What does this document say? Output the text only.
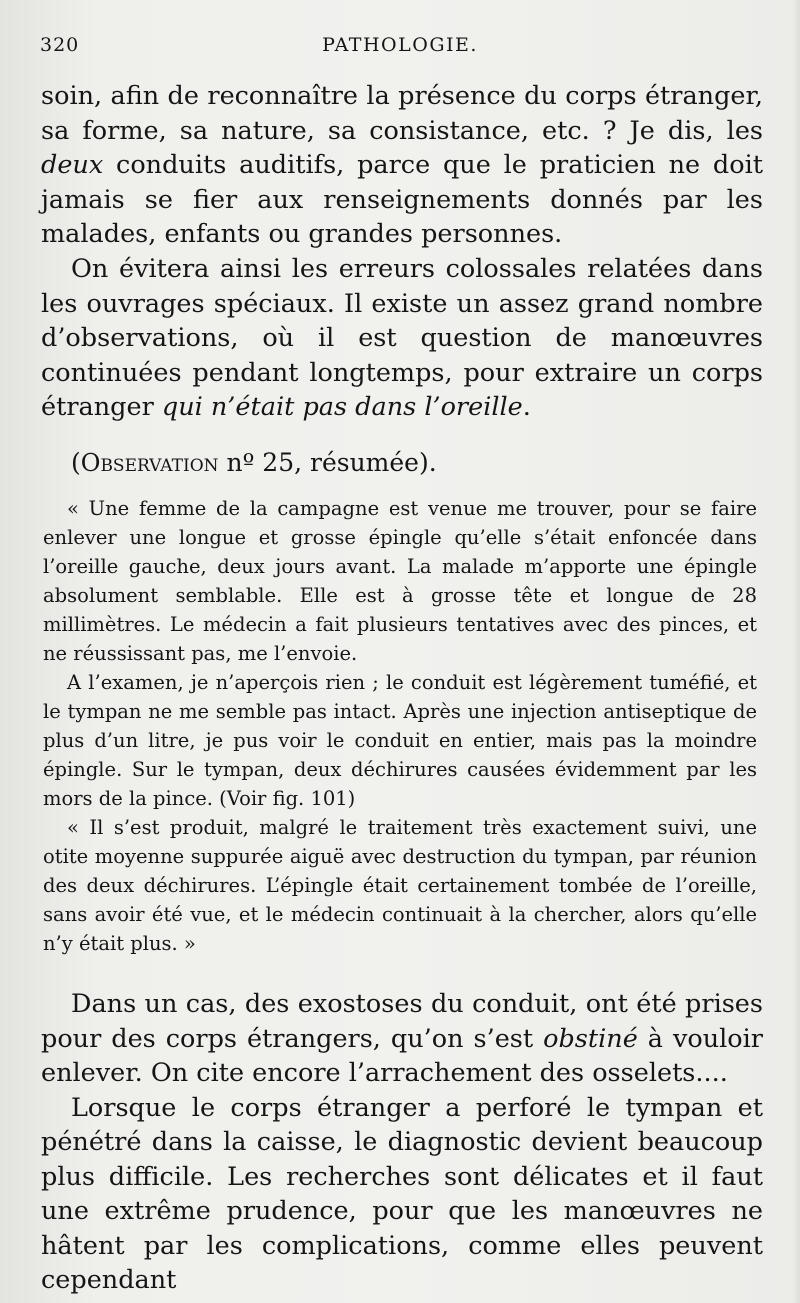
320	PATHOLOGIE.

soin, afin de reconnaître la présence du corps étranger, sa forme, sa nature, sa consistance, etc. ? Je dis, les deux conduits auditifs, parce que le praticien ne doit jamais se fier aux renseignements donnés par les malades, enfants ou grandes personnes.

On évitera ainsi les erreurs colossales relatées dans les ouvrages spéciaux. Il existe un assez grand nombre d’observations, où il est question de manœuvres continuées pendant longtemps, pour extraire un corps étranger qui n’était pas dans l’oreille.

(Observation nº 25, résumée).

« Une femme de la campagne est venue me trouver, pour se faire enlever une longue et grosse épingle qu’elle s’était enfoncée dans l’oreille gauche, deux jours avant. La malade m’apporte une épingle absolument semblable. Elle est à grosse tête et longue de 28 millimètres. Le médecin a fait plusieurs tentatives avec des pinces, et ne réussissant pas, me l’envoie.

A l’examen, je n’aperçois rien ; le conduit est légèrement tuméfié, et le tympan ne me semble pas intact. Après une injection antiseptique de plus d’un litre, je pus voir le conduit en entier, mais pas la moindre épingle. Sur le tympan, deux déchirures causées évidemment par les mors de la pince. (Voir fig. 101)

« Il s’est produit, malgré le traitement très exactement suivi, une otite moyenne suppurée aiguë avec destruction du tympan, par réunion des deux déchirures. L’épingle était certainement tombée de l’oreille, sans avoir été vue, et le médecin continuait à la chercher, alors qu’elle n’y était plus. »

Dans un cas, des exostoses du conduit, ont été prises pour des corps étrangers, qu’on s’est obstiné à vouloir enlever. On cite encore l’arrachement des osselets....

Lorsque le corps étranger a perforé le tympan et pénétré dans la caisse, le diagnostic devient beaucoup plus difficile. Les recherches sont délicates et il faut une extrême prudence, pour que les manœuvres ne hâtent par les complications, comme elles peuvent cependant
